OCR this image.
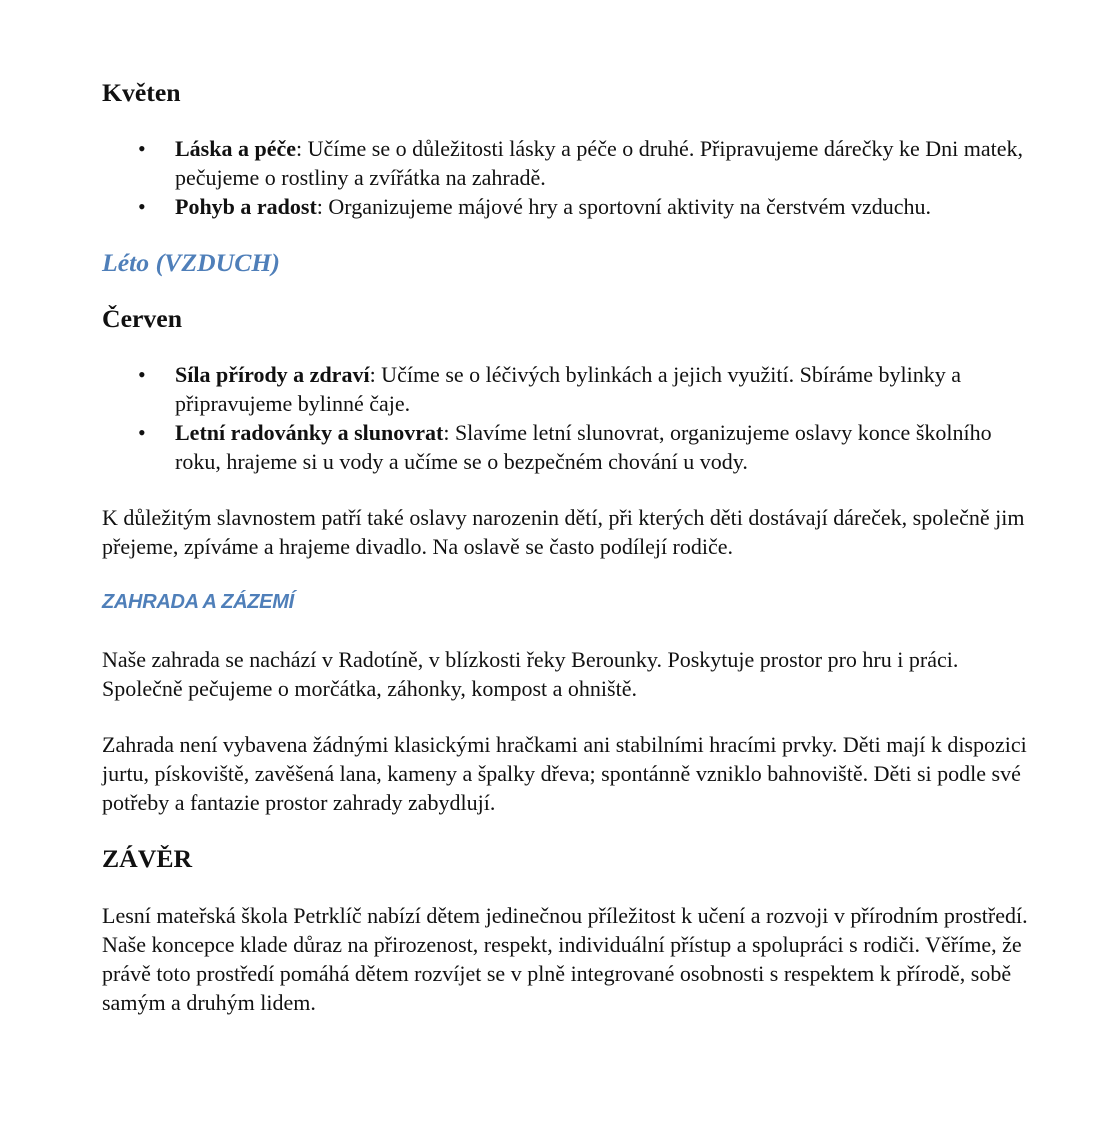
Květen
• Láska a péče: Učíme se o důležitosti lásky a péče o druhé. Připravujeme dárečky ke Dni matek, pečujeme o rostliny a zvířátka na zahradě.
• Pohyb a radost: Organizujeme májové hry a sportovní aktivity na čerstvém vzduchu.
Léto (VZDUCH)
Červen
• Síla přírody a zdraví: Učíme se o léčivých bylinkách a jejich využití. Sbíráme bylinky a připravujeme bylinné čaje.
• Letní radovánky a slunovrat: Slavíme letní slunovrat, organizujeme oslavy konce školního roku, hrajeme si u vody a učíme se o bezpečném chování u vody.

K důležitým slavnostem patří také oslavy narozenin dětí, při kterých děti dostávají dáreček, společně jim přejeme, zpíváme a hrajeme divadlo. Na oslavě se často podílejí rodiče.

ZAHRADA A ZÁZEMÍ

Naše zahrada se nachází v Radotíně, v blízkosti řeky Berounky. Poskytuje prostor pro hru i práci. Společně pečujeme o morčátka, záhonky, kompost a ohniště.

Zahrada není vybavena žádnými klasickými hračkami ani stabilními hracími prvky. Děti mají k dispozici jurtu, pískoviště, zavěšená lana, kameny a špalky dřeva; spontánně vzniklo bahnoviště. Děti si podle své potřeby a fantazie prostor zahrady zabydlují.

ZÁVĚR

Lesní mateřská škola Petrklíč nabízí dětem jedinečnou příležitost k učení a rozvoji v přírodním prostředí. Naše koncepce klade důraz na přirozenost, respekt, individuální přístup a spolupráci s rodiči. Věříme, že právě toto prostředí pomáhá dětem rozvíjet se v plně integrované osobnosti s respektem k přírodě, sobě samým a druhým lidem.
